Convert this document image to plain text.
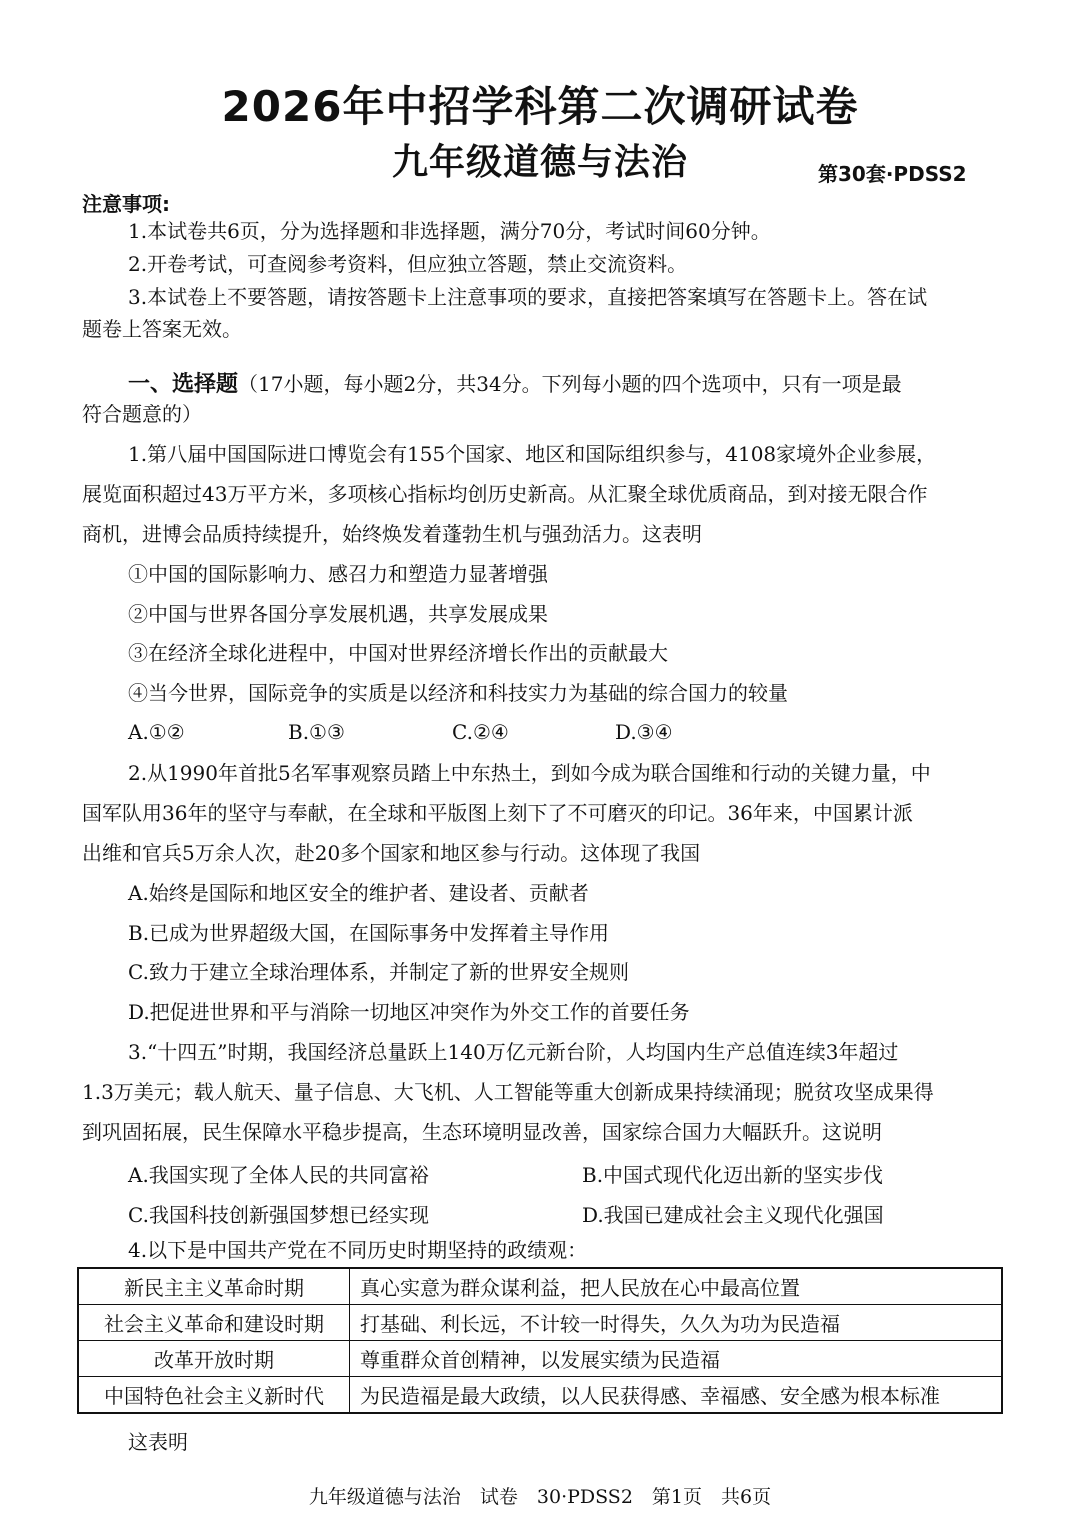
2026年中招学科第二次调研试卷
九年级道德与法治	第30套·PDSS2
注意事项:
1.本试卷共6页，分为选择题和非选择题，满分70分，考试时间60分钟。
2.开卷考试，可查阅参考资料，但应独立答题，禁止交流资料。
3.本试卷上不要答题，请按答题卡上注意事项的要求，直接把答案填写在答题卡上。答在试
题卷上答案无效。
一、选择题（17小题，每小题2分，共34分。下列每小题的四个选项中，只有一项是最
符合题意的）
1.第八届中国国际进口博览会有155个国家、地区和国际组织参与，4108家境外企业参展，
展览面积超过43万平方米，多项核心指标均创历史新高。从汇聚全球优质商品，到对接无限合作
商机，进博会品质持续提升，始终焕发着蓬勃生机与强劲活力。这表明
①中国的国际影响力、感召力和塑造力显著增强
②中国与世界各国分享发展机遇，共享发展成果
③在经济全球化进程中，中国对世界经济增长作出的贡献最大
④当今世界，国际竞争的实质是以经济和科技实力为基础的综合国力的较量
A.①②	B.①③	C.②④	D.③④
2.从1990年首批5名军事观察员踏上中东热土，到如今成为联合国维和行动的关键力量，中
国军队用36年的坚守与奉献，在全球和平版图上刻下了不可磨灭的印记。36年来，中国累计派
出维和官兵5万余人次，赴20多个国家和地区参与行动。这体现了我国
A.始终是国际和地区安全的维护者、建设者、贡献者
B.已成为世界超级大国，在国际事务中发挥着主导作用
C.致力于建立全球治理体系，并制定了新的世界安全规则
D.把促进世界和平与消除一切地区冲突作为外交工作的首要任务
3.“十四五”时期，我国经济总量跃上140万亿元新台阶，人均国内生产总值连续3年超过
1.3万美元；载人航天、量子信息、大飞机、人工智能等重大创新成果持续涌现；脱贫攻坚成果得
到巩固拓展，民生保障水平稳步提高，生态环境明显改善，国家综合国力大幅跃升。这说明
A.我国实现了全体人民的共同富裕	B.中国式现代化迈出新的坚实步伐
C.我国科技创新强国梦想已经实现	D.我国已建成社会主义现代化强国
4.以下是中国共产党在不同历史时期坚持的政绩观：
新民主主义革命时期	真心实意为群众谋利益，把人民放在心中最高位置
社会主义革命和建设时期	打基础、利长远，不计较一时得失，久久为功为民造福
改革开放时期	尊重群众首创精神，以发展实绩为民造福
中国特色社会主义新时代	为民造福是最大政绩，以人民获得感、幸福感、安全感为根本标准
这表明
九年级道德与法治　试卷　30·PDSS2　第1页　共6页
